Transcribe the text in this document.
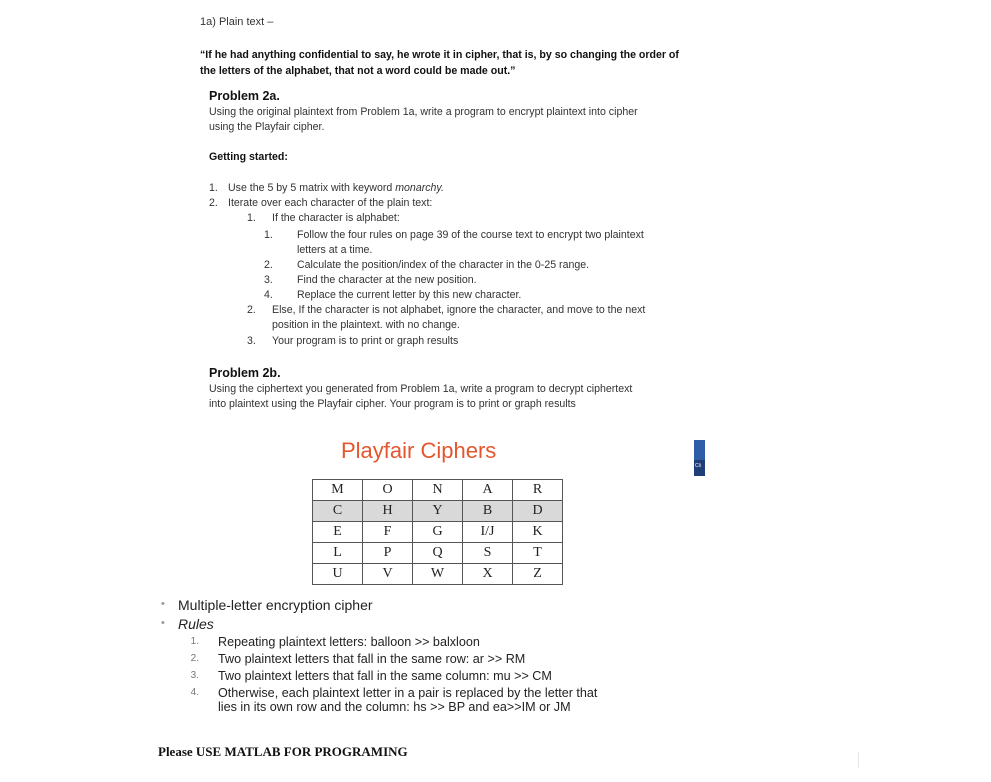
1a) Plain text –
“If he had anything confidential to say, he wrote it in cipher, that is, by so changing the order of the letters of the alphabet, that not a word could be made out.”
Problem 2a.
Using the original plaintext from Problem 1a, write a program to encrypt plaintext into cipher
using the Playfair cipher.
Getting started:
1. Use the 5 by 5 matrix with keyword monarchy.
2. Iterate over each character of the plain text:
1. If the character is alphabet:
1. Follow the four rules on page 39 of the course text to encrypt two plaintext
letters at a time.
2. Calculate the position/index of the character in the 0-25 range.
3. Find the character at the new position.
4. Replace the current letter by this new character.
2. Else, If the character is not alphabet, ignore the character, and move to the next
position in the plaintext. with no change.
3. Your program is to print or graph results
Problem 2b.
Using the ciphertext you generated from Problem 1a, write a program to decrypt ciphertext
into plaintext using the Playfair cipher. Your program is to print or graph results
Playfair Ciphers
Cli
M	O	N	A	R
C	H	Y	B	D
E	F	G	I/J	K
L	P	Q	S	T
U	V	W	X	Z
• Multiple-letter encryption cipher
• Rules
1. Repeating plaintext letters: balloon >> balxloon
2. Two plaintext letters that fall in the same row: ar >> RM
3. Two plaintext letters that fall in the same column: mu >> CM
4. Otherwise, each plaintext letter in a pair is replaced by the letter that
lies in its own row and the column: hs >> BP and ea>>IM or JM
Please USE MATLAB FOR PROGRAMING
